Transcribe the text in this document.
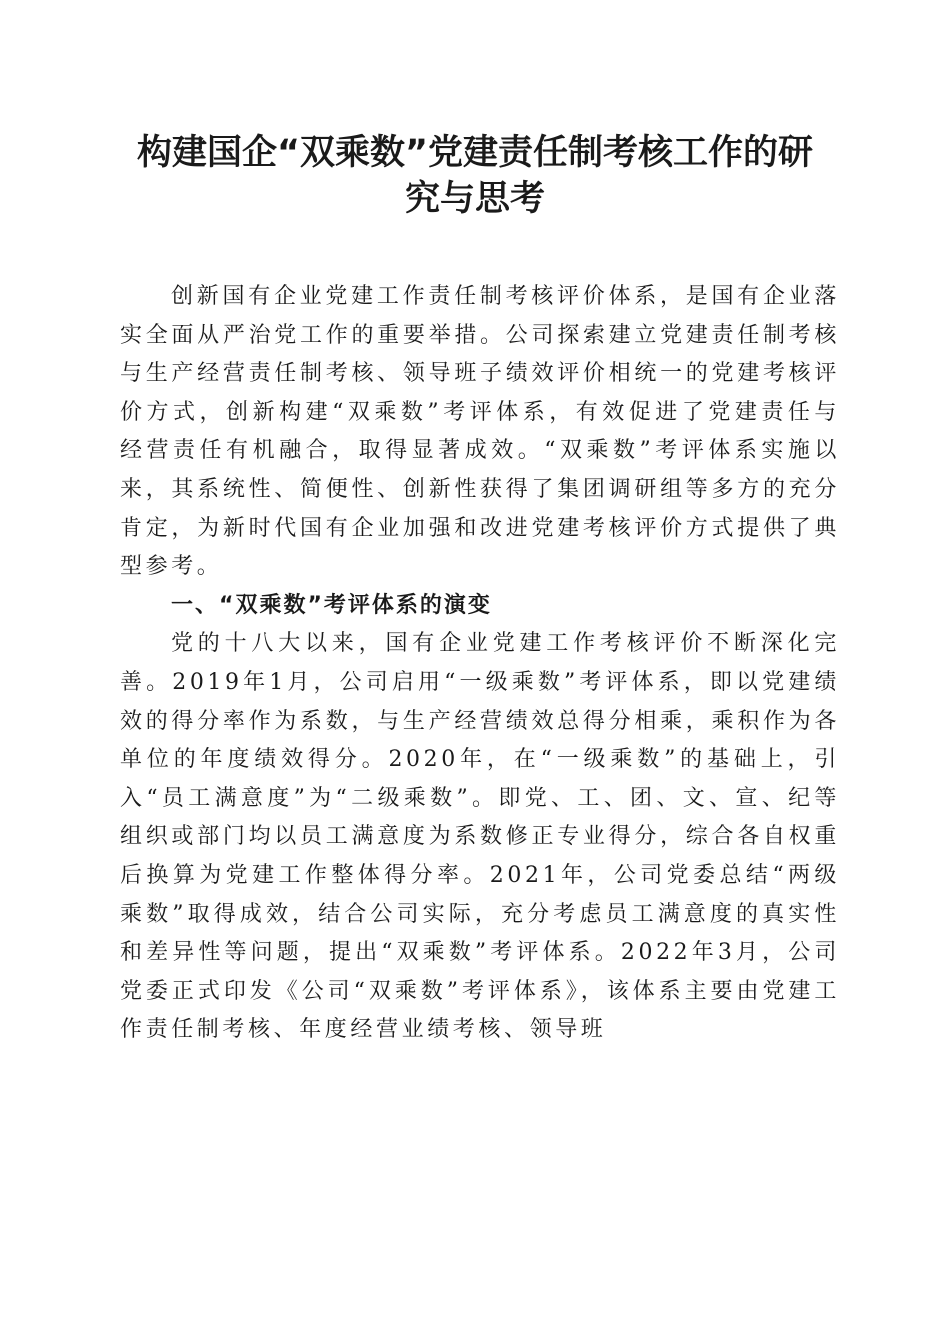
构建国企“双乘数”党建责任制考核工作的研
究与思考

创新国有企业党建工作责任制考核评价体系，是国有企业落实全面从严治党工作的重要举措。公司探索建立党建责任制考核与生产经营责任制考核、领导班子绩效评价相统一的党建考核评价方式，创新构建“双乘数”考评体系，有效促进了党建责任与经营责任有机融合，取得显著成效。“双乘数”考评体系实施以来，其系统性、简便性、创新性获得了集团调研组等多方的充分肯定，为新时代国有企业加强和改进党建考核评价方式提供了典型参考。

一、“双乘数”考评体系的演变

党的十八大以来，国有企业党建工作考核评价不断深化完善。2019年1月，公司启用“一级乘数”考评体系，即以党建绩效的得分率作为系数，与生产经营绩效总得分相乘，乘积作为各单位的年度绩效得分。2020年，在“一级乘数”的基础上，引入“员工满意度”为“二级乘数”。即党、工、团、文、宣、纪等组织或部门均以员工满意度为系数修正专业得分，综合各自权重后换算为党建工作整体得分率。2021年，公司党委总结“两级乘数”取得成效，结合公司实际，充分考虑员工满意度的真实性和差异性等问题，提出“双乘数”考评体系。2022年3月，公司党委正式印发《公司“双乘数”考评体系》，该体系主要由党建工作责任制考核、年度经营业绩考核、领导班
